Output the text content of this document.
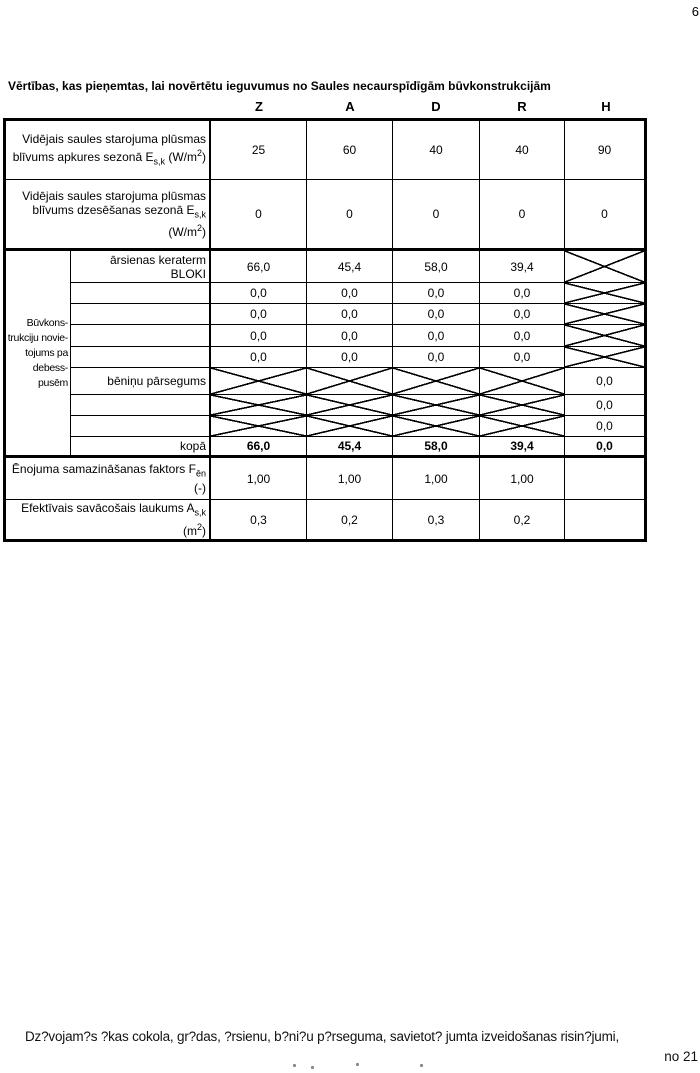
6
Vērtības, kas pieņemtas, lai novērtētu ieguvumus no Saules necaurspīdīgām būvkonstrukcijām
Z	A	D	R	H
Vidējais saules starojuma plūsmas
blīvums apkures sezonā $E_{s,k}$ $(W/m^2)$	25	60	40	40	90
Vidējais saules starojuma plūsmas
blīvums dzesēšanas sezonā $E_{s,k}$
$(W/m^2)$
0	0	0	0	0
Būvkons-
trukciju novie-
tojums pa
debess-pusēm
ārsienas keraterm
BLOKI	66,0	45,4	58,0	39,4
0,0	0,0	0,0	0,0
0,0	0,0	0,0	0,0
0,0	0,0	0,0	0,0
0,0	0,0	0,0	0,0
bēniņu pārsegums	0,0
0,0
0,0
kopā	66,0	45,4	58,0	39,4	0,0
Ēnojuma samazināšanas faktors $F_{ēn}$
(-)
1,00	1,00	1,00	1,00
Efektīvais savācošais laukums $A_{s,k}$
$(m^2)$
0,3	0,2	0,3	0,2
Dz?vojam?s ?kas cokola, gr?das, ?rsienu, b?ni?u p?rseguma, savietot? jumta izveidošanas risin?jumi,
no 21
